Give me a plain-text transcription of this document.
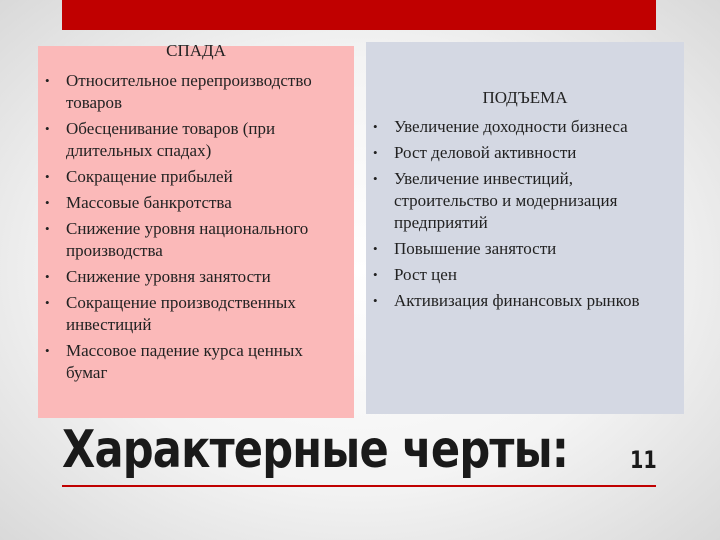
СПАДА
• Относительное перепроизводство товаров
• Обесценивание товаров (при длительных спадах)
• Сокращение прибылей
• Массовые банкротства
• Снижение уровня национального производства
• Снижение уровня занятости
• Сокращение производственных инвестиций
• Массовое падение курса ценных бумаг
ПОДЪЕМА
• Увеличение доходности бизнеса
• Рост деловой активности
• Увеличение инвестиций, строительство и модернизация предприятий
• Повышение занятости
• Рост цен
• Активизация финансовых рынков
Характерные черты:	11
